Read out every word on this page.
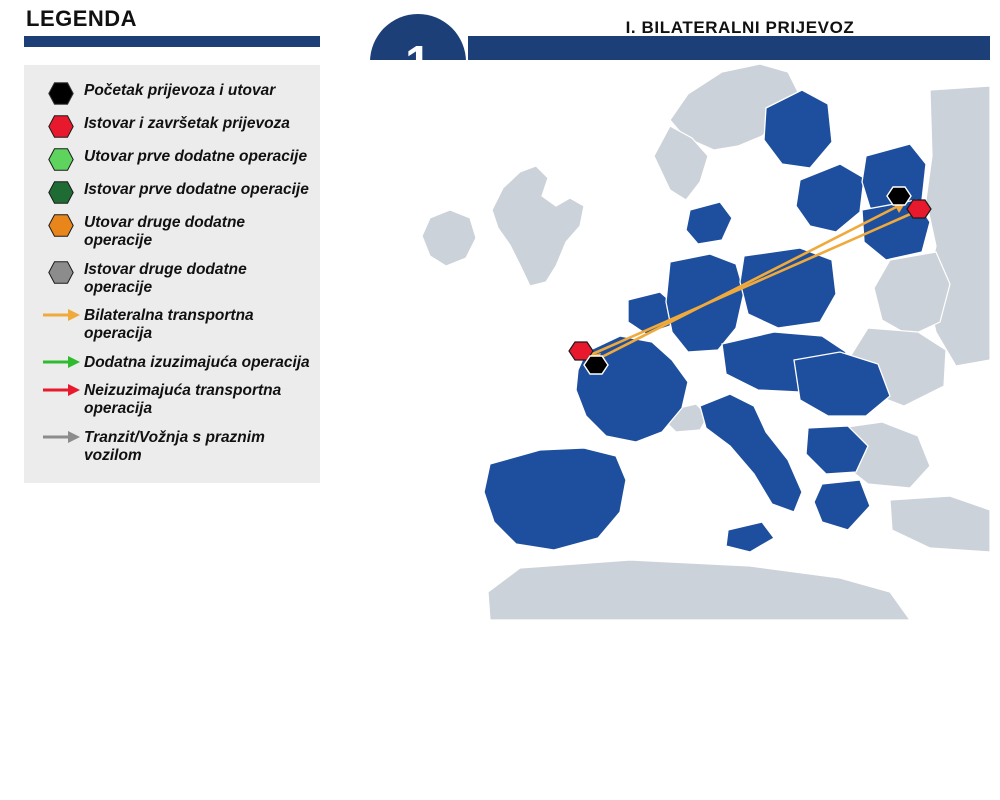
LEGENDA
Početak prijevoza i utovar
Istovar i završetak prijevoza
Utovar prve dodatne operacije
Istovar prve dodatne operacije
Utovar druge dodatne operacije
Istovar druge dodatne operacije
Bilateralna transportna operacija
Dodatna izuzimajuća operacija
Neizuzimajuća transportna operacija
Tranzit/Vožnja s praznim vozilom
I. BILATERALNI PRIJEVOZ
